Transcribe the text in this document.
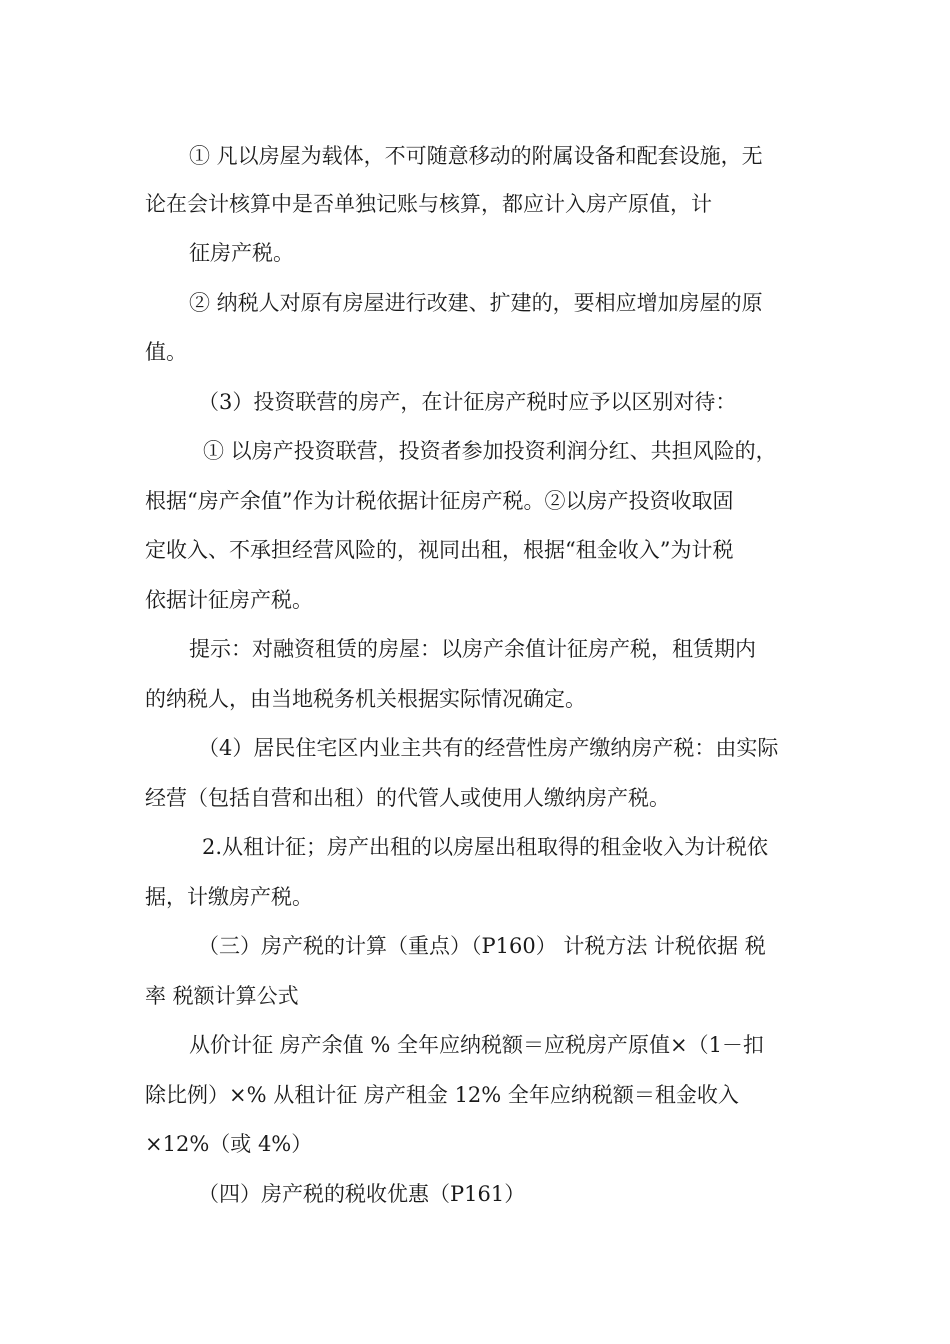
① 凡以房屋为载体，不可随意移动的附属设备和配套设施，无
论在会计核算中是否单独记账与核算，都应计入房产原值，计
征房产税。
② 纳税人对原有房屋进行改建、扩建的，要相应增加房屋的原
值。
（3）投资联营的房产，在计征房产税时应予以区别对待：
① 以房产投资联营，投资者参加投资利润分红、共担风险的，
根据“房产余值”作为计税依据计征房产税。②以房产投资收取固
定收入、不承担经营风险的，视同出租，根据“租金收入”为计税
依据计征房产税。
提示：对融资租赁的房屋：以房产余值计征房产税，租赁期内
的纳税人，由当地税务机关根据实际情况确定。
（4）居民住宅区内业主共有的经营性房产缴纳房产税：由实际
经营（包括自营和出租）的代管人或使用人缴纳房产税。
2.从租计征；房产出租的以房屋出租取得的租金收入为计税依
据，计缴房产税。
（三）房产税的计算（重点）（P160） 计税方法 计税依据 税
率 税额计算公式
从价计征 房产余值 % 全年应纳税额＝应税房产原值×（1－扣
除比例）×% 从租计征 房产租金 12% 全年应纳税额＝租金收入
×12%（或 4%）
（四）房产税的税收优惠（P161）
